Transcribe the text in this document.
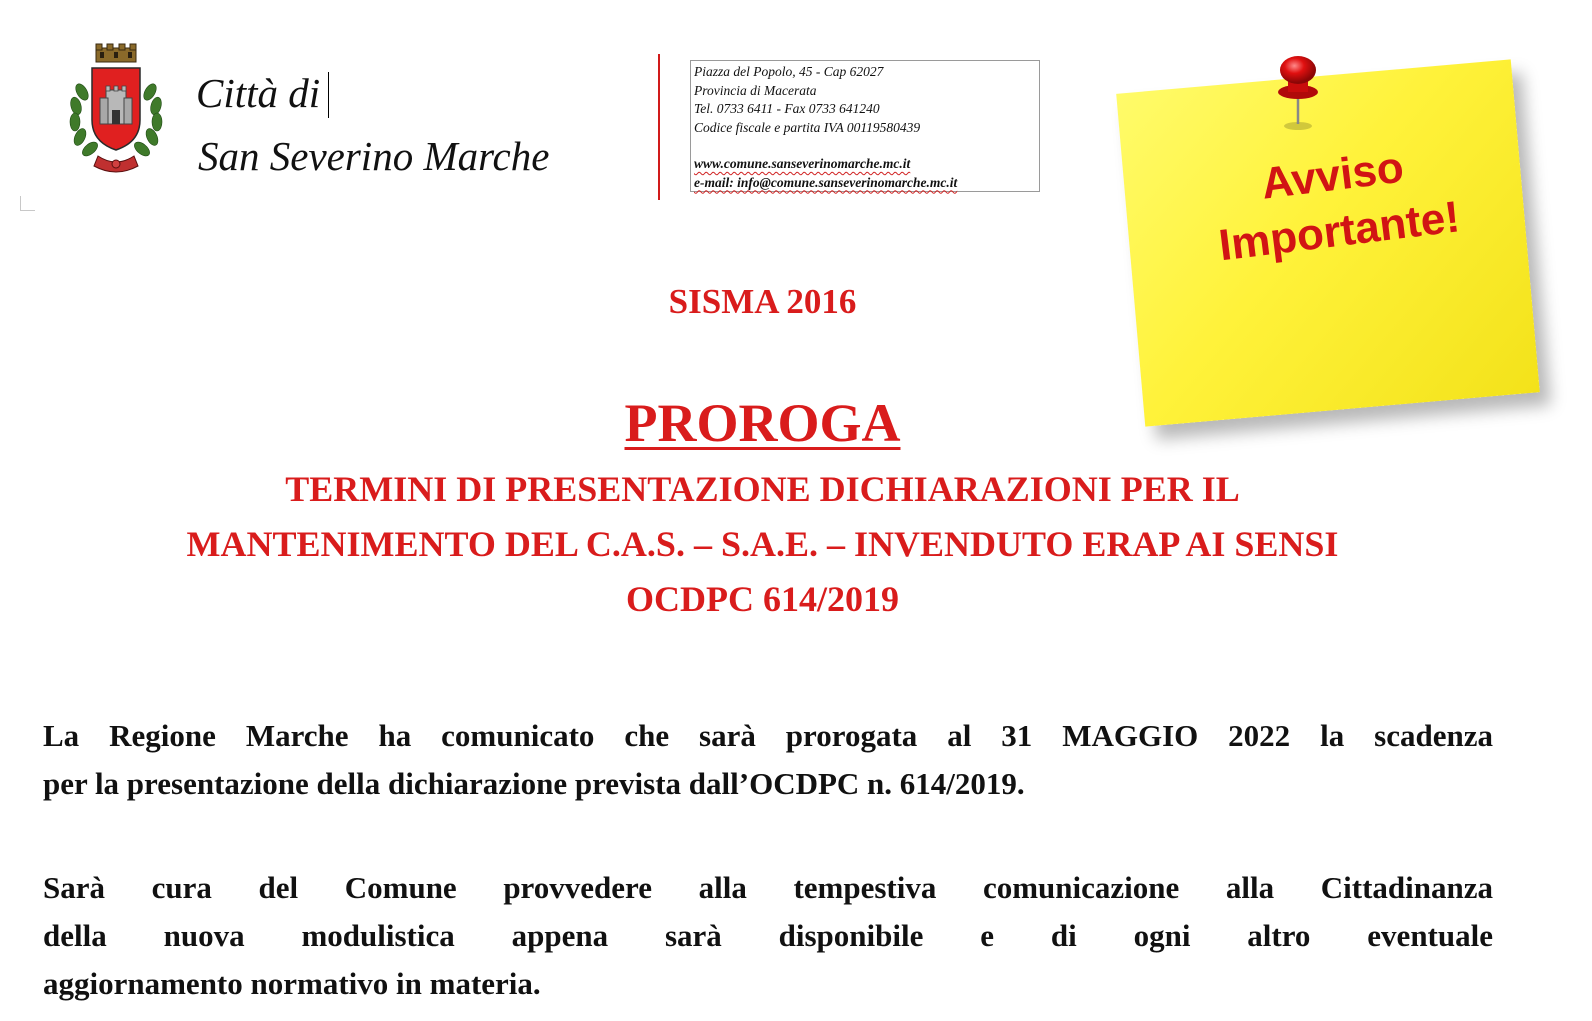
Città di
San Severino Marche
Piazza del Popolo, 45 - Cap 62027
Provincia di Macerata
Tel. 0733 6411 - Fax 0733 641240
Codice fiscale e partita IVA 00119580439
www.comune.sanseverinomarche.mc.it
e-mail: info@comune.sanseverinomarche.mc.it	Avviso
Importante!
SISMA 2016
PROROGA
TERMINI DI PRESENTAZIONE DICHIARAZIONI PER IL
MANTENIMENTO DEL C.A.S. – S.A.E. – INVENDUTO ERAP AI SENSI
OCDPC 614/2019
La Regione Marche ha comunicato che sarà prorogata al 31 MAGGIO 2022 la scadenza
per la presentazione della dichiarazione prevista dall’OCDPC n. 614/2019.
Sarà cura del Comune provvedere alla tempestiva comunicazione alla Cittadinanza
della nuova modulistica appena sarà disponibile e di ogni altro eventuale
aggiornamento normativo in materia.
